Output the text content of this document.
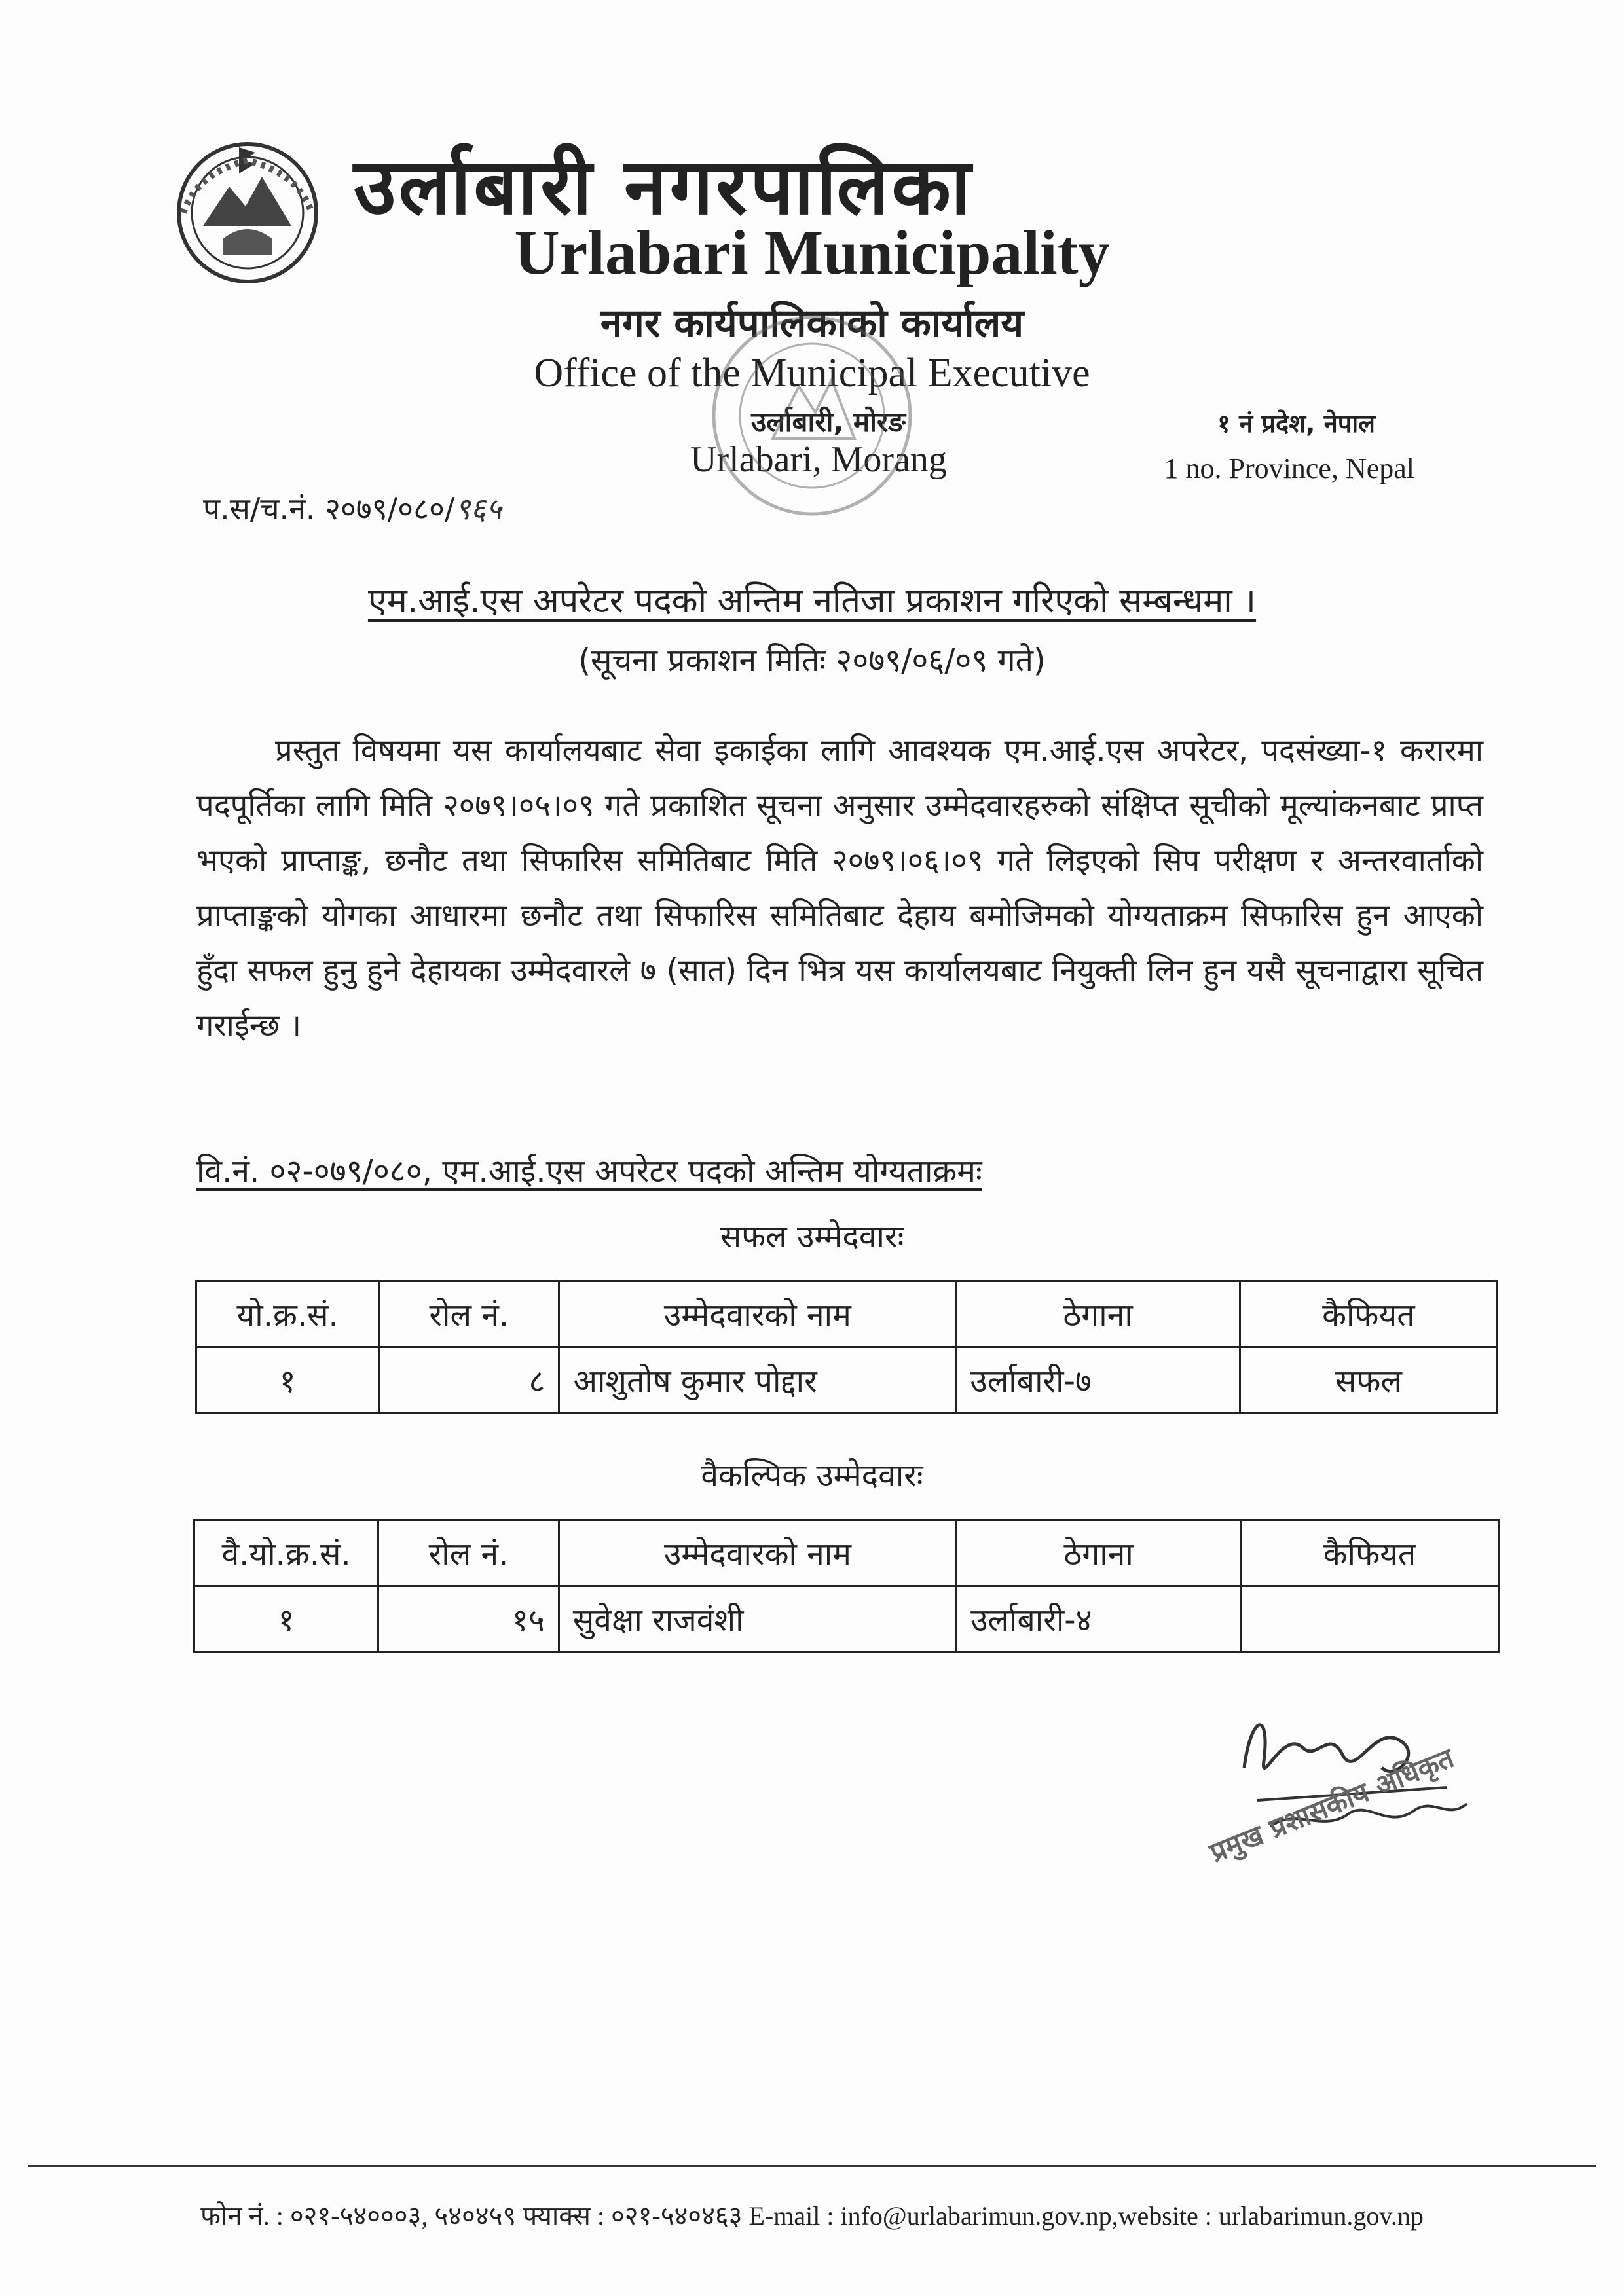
उर्लाबारी नगरपालिका
Urlabari Municipality
नगर कार्यपालिकाको कार्यालय
Office of the Municipal Executive
उर्लाबारी, मोरङ
Urlabari, Morang
१ नं प्रदेश, नेपाल
1 no. Province, Nepal
प.स/च.नं. २०७९/०८०/९६५
एम.आई.एस अपरेटर पदको अन्तिम नतिजा प्रकाशन गरिएको सम्बन्धमा ।
(सूचना प्रकाशन मितिः २०७९/०६/०९ गते)

प्रस्तुत विषयमा यस कार्यालयबाट सेवा इकाईका लागि आवश्यक एम.आई.एस अपरेटर, पदसंख्या-१ करारमा पदपूर्तिका लागि मिति २०७९।०५।०९ गते प्रकाशित सूचना अनुसार उम्मेदवारहरुको संक्षिप्त सूचीको मूल्यांकनबाट प्राप्त भएको प्राप्ताङ्क, छनौट तथा सिफारिस समितिबाट मिति २०७९।०६।०९ गते लिइएको सिप परीक्षण र अन्तरवार्ताको प्राप्ताङ्कको योगका आधारमा छनौट तथा सिफारिस समितिबाट देहाय बमोजिमको योग्यताक्रम सिफारिस हुन आएको हुँदा सफल हुनु हुने देहायका उम्मेदवारले ७ (सात) दिन भित्र यस कार्यालयबाट नियुक्ती लिन हुन यसै सूचनाद्वारा सूचित गराईन्छ ।

वि.नं. ०२-०७९/०८०, एम.आई.एस अपरेटर पदको अन्तिम योग्यताक्रमः
सफल उम्मेदवारः
यो.क्र.सं.	रोल नं.	उम्मेदवारको नाम	ठेगाना	कैफियत
१	८	आशुतोष कुमार पोद्दार	उर्लाबारी-७	सफल
वैकल्पिक उम्मेदवारः
वै.यो.क्र.सं.	रोल नं.	उम्मेदवारको नाम	ठेगाना	कैफियत
१	१५	सुवेक्षा राजवंशी	उर्लाबारी-४	
प्रमुख प्रशासकीय अधिकृत
फोन नं. : ०२१-५४०००३, ५४०४५९ फ्याक्स : ०२१-५४०४६३ E-mail : info@urlabarimun.gov.np,website : urlabarimun.gov.np
